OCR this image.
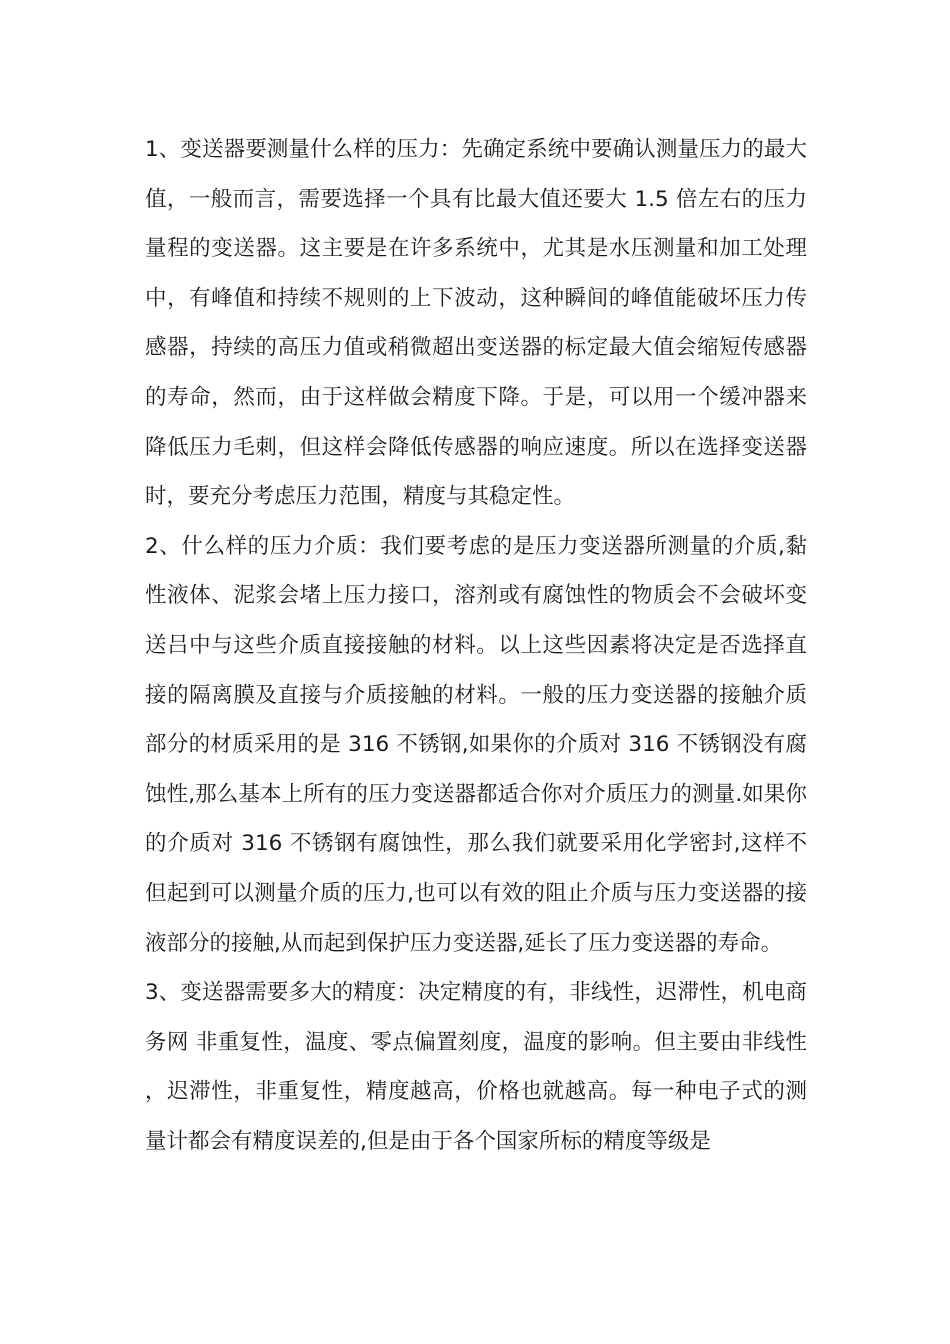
1、变送器要测量什么样的压力：先确定系统中要确认测量压力的最大值，一般而言，需要选择一个具有比最大值还要大 1.5 倍左右的压力量程的变送器。这主要是在许多系统中，尤其是水压测量和加工处理中，有峰值和持续不规则的上下波动，这种瞬间的峰值能破坏压力传感器，持续的高压力值或稍微超出变送器的标定最大值会缩短传感器的寿命，然而，由于这样做会精度下降。于是，可以用一个缓冲器来降低压力毛刺，但这样会降低传感器的响应速度。所以在选择变送器时，要充分考虑压力范围，精度与其稳定性。

2、什么样的压力介质：我们要考虑的是压力变送器所测量的介质,黏性液体、泥浆会堵上压力接口，溶剂或有腐蚀性的物质会不会破坏变送吕中与这些介质直接接触的材料。以上这些因素将决定是否选择直接的隔离膜及直接与介质接触的材料。一般的压力变送器的接触介质部分的材质采用的是 316 不锈钢,如果你的介质对 316 不锈钢没有腐蚀性,那么基本上所有的压力变送器都适合你对介质压力的测量.如果你的介质对 316 不锈钢有腐蚀性，那么我们就要采用化学密封,这样不但起到可以测量介质的压力,也可以有效的阻止介质与压力变送器的接液部分的接触,从而起到保护压力变送器,延长了压力变送器的寿命。

3、变送器需要多大的精度：决定精度的有，非线性，迟滞性，机电商务网 非重复性，温度、零点偏置刻度，温度的影响。但主要由非线性，迟滞性，非重复性，精度越高，价格也就越高。每一种电子式的测量计都会有精度误差的,但是由于各个国家所标的精度等级是
